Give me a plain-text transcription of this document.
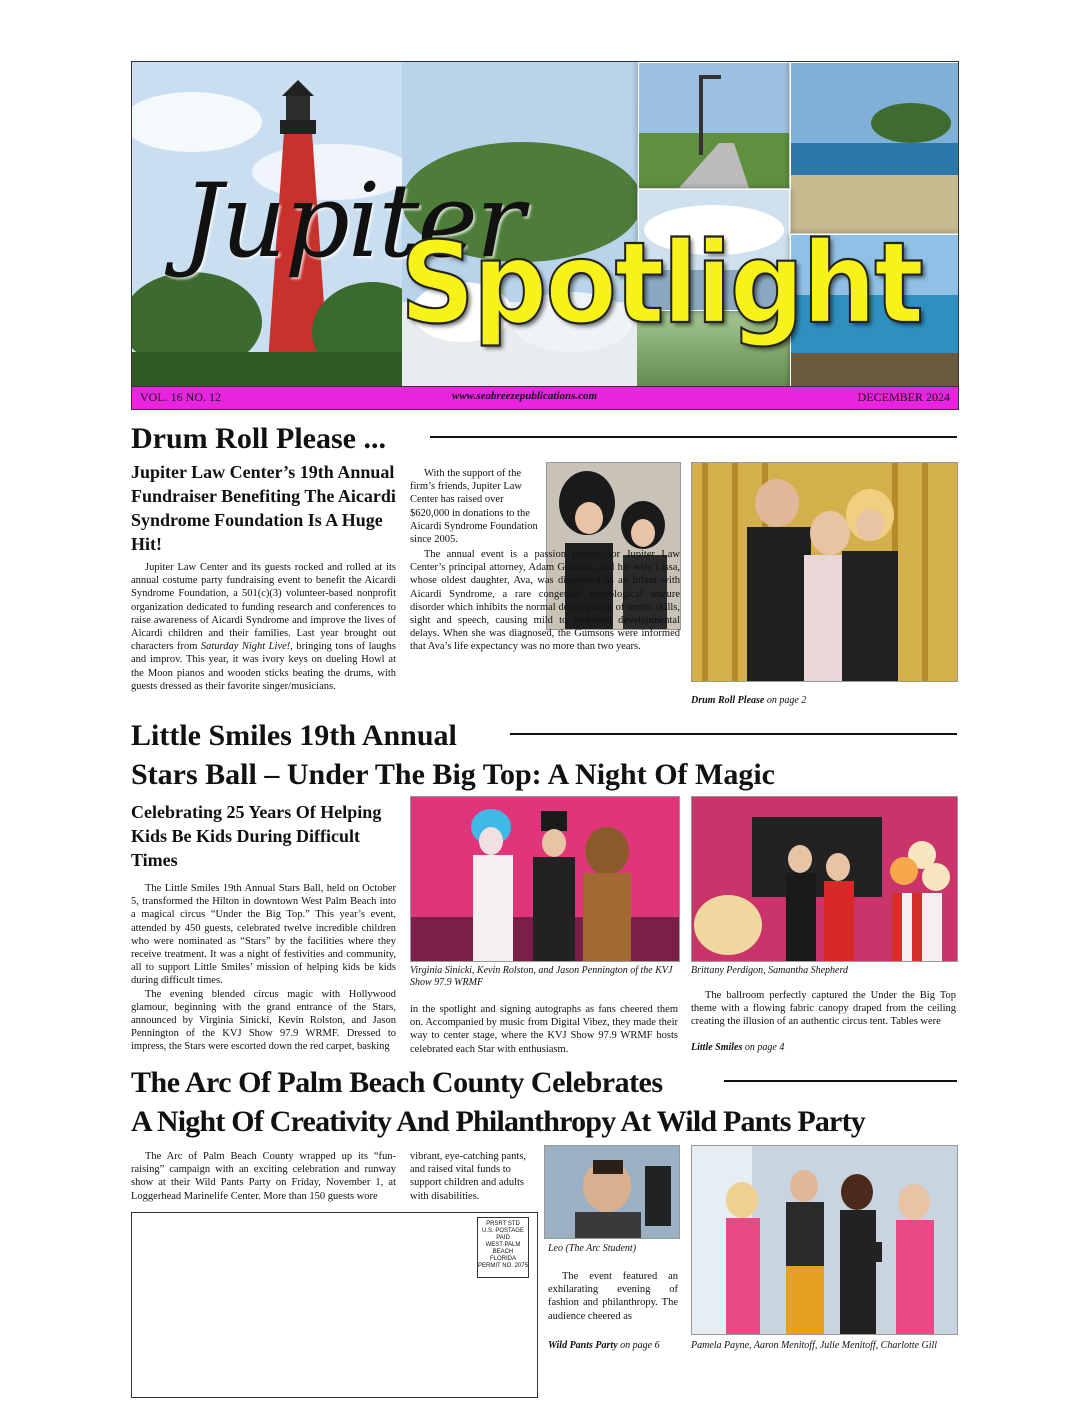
Jupiter
Spotlight
VOL. 16 NO. 12	www.seabreezepublications.com	DECEMBER 2024
Drum Roll Please ...
Jupiter Law Center’s 19th Annual Fundraiser Benefiting The Aicardi Syndrome Foundation Is A Huge Hit!

Jupiter Law Center and its guests rocked and rolled at its annual costume party fundraising event to benefit the Aicardi Syndrome Foundation, a 501(c)(3) volunteer-based nonprofit organization dedicated to funding research and conferences to raise awareness of Aicardi Syndrome and improve the lives of Aicardi children and their families. Last year brought out characters from Saturday Night Live!, bringing tons of laughs and improv. This year, it was ivory keys on dueling Howl at the Moon pianos and wooden sticks beating the drums, with guests dressed as their favorite singer/musicians.

With the support of the firm’s friends, Jupiter Law Center has raised over $620,000 in donations to the Aicardi Syndrome Foundation since 2005.

The annual event is a passion project for Jupiter Law Center’s principal attorney, Adam Gumson, and his wife Lissa, whose oldest daughter, Ava, was diagnosed as an infant with Aicardi Syndrome, a rare congenital neurological seizure disorder which inhibits the normal development of motor skills, sight and speech, causing mild to profound developmental delays. When she was diagnosed, the Gumsons were informed that Ava’s life expectancy was no more than two years.

Drum Roll Please on page 2
Little Smiles 19th Annual
Stars Ball – Under The Big Top: A Night Of Magic
Celebrating 25 Years Of Helping Kids Be Kids During Difficult Times

The Little Smiles 19th Annual Stars Ball, held on October 5, transformed the Hilton in downtown West Palm Beach into a magical circus “Under the Big Top.” This year’s event, attended by 450 guests, celebrated twelve incredible children who were nominated as “Stars” by the facilities where they receive treatment. It was a night of festivities and community, all to support Little Smiles’ mission of helping kids be kids during difficult times.

The evening blended circus magic with Hollywood glamour, beginning with the grand entrance of the Stars, announced by Virginia Sinicki, Kevin Rolston, and Jason Pennington of the KVJ Show 97.9 WRMF. Dressed to impress, the Stars were escorted down the red carpet, basking

Virginia Sinicki, Kevin Rolston, and Jason Pennington of the KVJ Show 97.9 WRMF

in the spotlight and signing autographs as fans cheered them on. Accompanied by music from Digital Vibez, they made their way to center stage, where the KVJ Show 97.9 WRMF hosts celebrated each Star with enthusiasm.

Brittany Perdigon, Samantha Shepherd

The ballroom perfectly captured the Under the Big Top theme with a flowing fabric canopy draped from the ceiling creating the illusion of an authentic circus tent. Tables were

Little Smiles on page 4
The Arc Of Palm Beach County Celebrates
A Night Of Creativity And Philanthropy At Wild Pants Party

The Arc of Palm Beach County wrapped up its “fun-raising” campaign with an exciting celebration and runway show at their Wild Pants Party on Friday, November 1, at Loggerhead Marinelife Center. More than 150 guests wore

vibrant, eye-catching pants, and raised vital funds to support children and adults with disabilities.

PRSRT STD
U.S. POSTAGE
PAID
WEST PALM BEACH
FLORIDA
PERMIT NO. 2075
Leo (The Arc Student)

The event featured an exhilarating evening of fashion and philanthropy. The audience cheered as

Wild Pants Party on page 6	Pamela Payne, Aaron Menitoff, Julie Menitoff, Charlotte Gill
